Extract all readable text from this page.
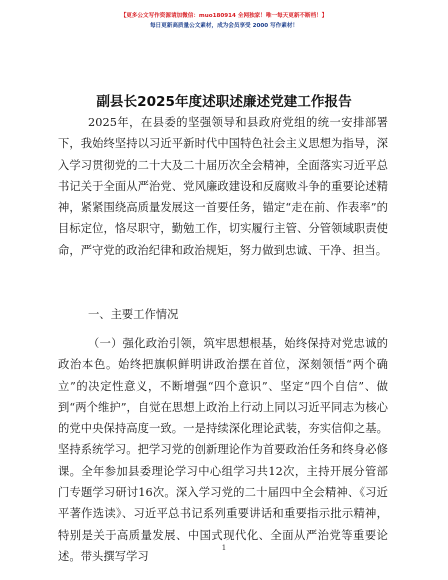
【更多公文写作资源请加微信：muo180914 全网独家！唯一每天更新不断档！】
每日更新高质量公文素材，成为会员享受 2000 写作素材！
副县长2025年度述职述廉述党建工作报告
2025年，在县委的坚强领导和县政府党组的统一安排部署下，我始终坚持以习近平新时代中国特色社会主义思想为指导，深入学习贯彻党的二十大及二十届历次全会精神，全面落实习近平总书记关于全面从严治党、党风廉政建设和反腐败斗争的重要论述精神，紧紧围绕高质量发展这一首要任务，锚定“走在前、作表率”的目标定位，恪尽职守，勤勉工作，切实履行主管、分管领域职责使命，严守党的政治纪律和政治规矩，努力做到忠诚、干净、担当。
一、主要工作情况
（一）强化政治引领，筑牢思想根基，始终保持对党忠诚的政治本色。始终把旗帜鲜明讲政治摆在首位，深刻领悟“两个确立”的决定性意义，不断增强“四个意识”、坚定“四个自信”、做到“两个维护”，自觉在思想上政治上行动上同以习近平同志为核心的党中央保持高度一致。一是持续深化理论武装，夯实信仰之基。坚持系统学习。把学习党的创新理论作为首要政治任务和终身必修课。全年参加县委理论学习中心组学习共12次，主持开展分管部门专题学习研讨16次。深入学习党的二十届四中全会精神、《习近平著作选读》、习近平总书记系列重要讲话和重要指示批示精神，特别是关于高质量发展、中国式现代化、全面从严治党等重要论述。带头撰写学习
1
